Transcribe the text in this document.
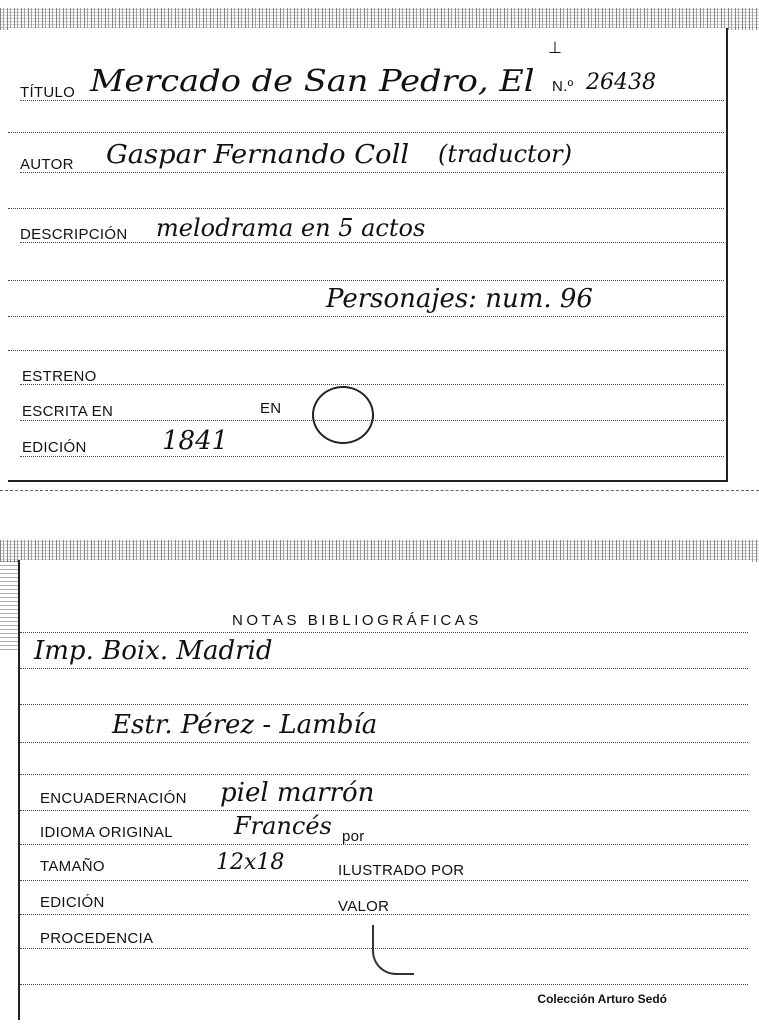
TÍTULO Mercado de San Pedro, El N.º 26438
⊥
AUTOR Gaspar Fernando Coll (traductor)
DESCRIPCIÓN melodrama en 5 actos
Personajes: num. 96
ESTRENO
ESCRITA EN	EN
EDICIÓN	1841
NOTAS BIBLIOGRÁFICAS
Imp. Boix. Madrid
Estr. Pérez - Lambía
ENCUADERNACIÓN piel marrón
IDIOMA ORIGINAL	Francés por
TAMAÑO	12x18	ILUSTRADO POR
EDICIÓN	VALOR
PROCEDENCIA
Colección Arturo Sedó
